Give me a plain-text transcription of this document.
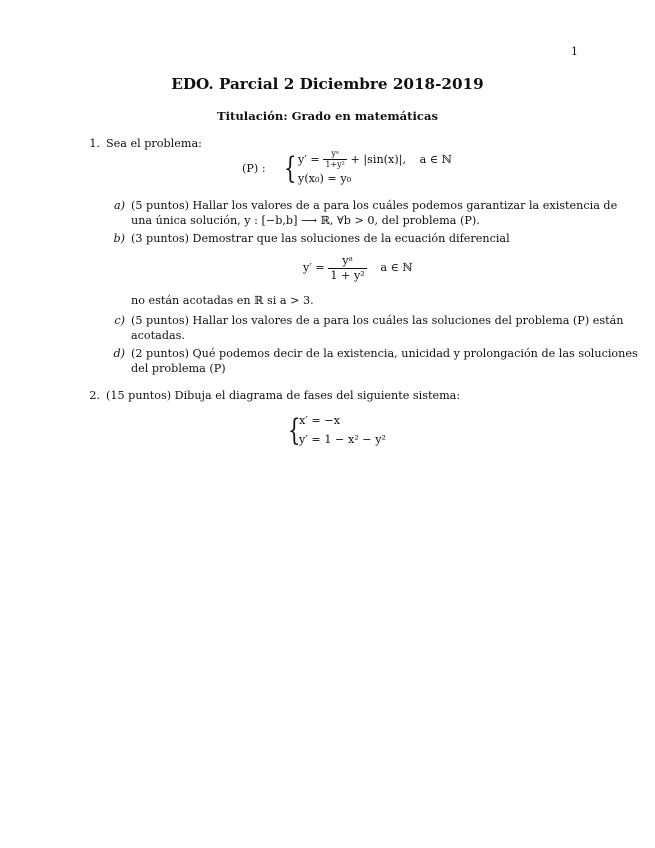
1
EDO. Parcial 2 Diciembre 2018-2019
Titulación: Grado en matemáticas
1. Sea el problema:
(P) : { $y' = \frac{\text{yᵃ}}{\text{1+y²}} + |\sin(x)|$, a ∈ ℕ
y(x₀) = y₀
a) (5 puntos) Hallar los valores de a para los cuáles podemos garantizar la existencia de
una única solución, y : [−b,b] ⟶ ℝ, ∀b > 0, del problema (P).
b) (3 puntos) Demostrar que las soluciones de la ecuación diferencial
$y' = \frac{\text{yᵃ}}{\text{1 + y²}}$ a ∈ ℕ
no están acotadas en ℝ si a > 3.
c) (5 puntos) Hallar los valores de a para los cuáles las soluciones del problema (P) están
acotadas.
d) (2 puntos) Qué podemos decir de la existencia, unicidad y prolongación de las soluciones
del problema (P)
2. (15 puntos) Dibuja el diagrama de fases del siguiente sistema:
{
x′ = −x
y′ = 1 − x² − y²
